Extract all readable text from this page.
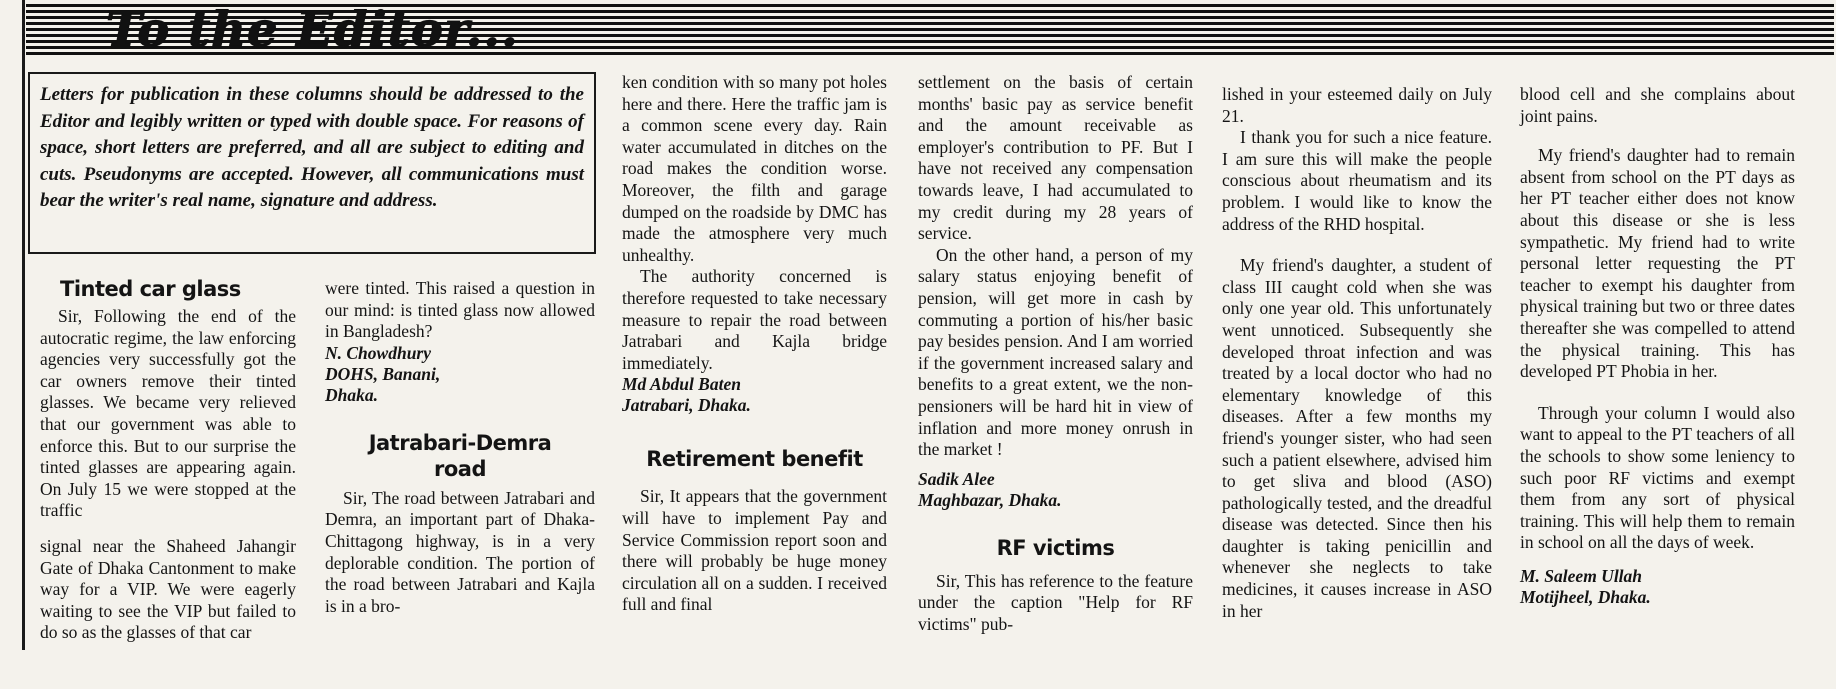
To the Editor...
Letters for publication in these columns should be addressed to the Editor and legibly written or typed with double space. For reasons of space, short letters are preferred, and all are subject to editing and cuts. Pseudonyms are accepted. However, all communications must bear the writer's real name, signature and address.
Tinted car glass

Sir, Following the end of the autocratic regime, the law enforcing agencies very successfully got the car owners remove their tinted glasses. We became very relieved that our government was able to enforce this. But to our surprise the tinted glasses are appearing again. On July 15 we were stopped at the traffic

signal near the Shaheed Jahangir Gate of Dhaka Cantonment to make way for a VIP. We were eagerly waiting to see the VIP but failed to do so as the glasses of that car

were tinted. This raised a question in our mind: is tinted glass now allowed in Bangladesh?

N. Chowdhury

DOHS, Banani,

Dhaka.

Jatrabari-Demra road

Sir, The road between Jatrabari and Demra, an important part of Dhaka-Chittagong highway, is in a very deplorable condition. The portion of the road between Jatrabari and Kajla is in a bro-

ken condition with so many pot holes here and there. Here the traffic jam is a common scene every day. Rain water accumulated in ditches on the road makes the condition worse. Moreover, the filth and garage dumped on the roadside by DMC has made the atmosphere very much unhealthy.

The authority concerned is therefore requested to take necessary measure to repair the road between Jatrabari and Kajla bridge immediately.

Md Abdul Baten

Jatrabari, Dhaka.

Retirement benefit

Sir, It appears that the government will have to implement Pay and Service Commission report soon and there will probably be huge money circulation all on a sudden. I received full and final

settlement on the basis of certain months' basic pay as service benefit and the amount receivable as employer's contribution to PF. But I have not received any compensation towards leave, I had accumulated to my credit during my 28 years of service.

On the other hand, a person of my salary status enjoying benefit of pension, will get more in cash by commuting a portion of his/her basic pay besides pension. And I am worried if the government increased salary and benefits to a great extent, we the non-pensioners will be hard hit in view of inflation and more money onrush in the market !

Sadik Alee

Maghbazar, Dhaka.

RF victims

Sir, This has reference to the feature under the caption "Help for RF victims" pub-

lished in your esteemed daily on July 21.

I thank you for such a nice feature. I am sure this will make the people conscious about rheumatism and its problem. I would like to know the address of the RHD hospital.

My friend's daughter, a student of class III caught cold when she was only one year old. This unfortunately went unnoticed. Subsequently she developed throat infection and was treated by a local doctor who had no elementary knowledge of this diseases. After a few months my friend's younger sister, who had seen such a patient elsewhere, advised him to get sliva and blood (ASO) pathologically tested, and the dreadful disease was detected. Since then his daughter is taking penicillin and whenever she neglects to take medicines, it causes increase in ASO in her

blood cell and she complains about joint pains.

My friend's daughter had to remain absent from school on the PT days as her PT teacher either does not know about this disease or she is less sympathetic. My friend had to write personal letter requesting the PT teacher to exempt his daughter from physical training but two or three dates thereafter she was compelled to attend the physical training. This has developed PT Phobia in her.

Through your column I would also want to appeal to the PT teachers of all the schools to show some leniency to such poor RF victims and exempt them from any sort of physical training. This will help them to remain in school on all the days of week.

M. Saleem Ullah

Motijheel, Dhaka.
